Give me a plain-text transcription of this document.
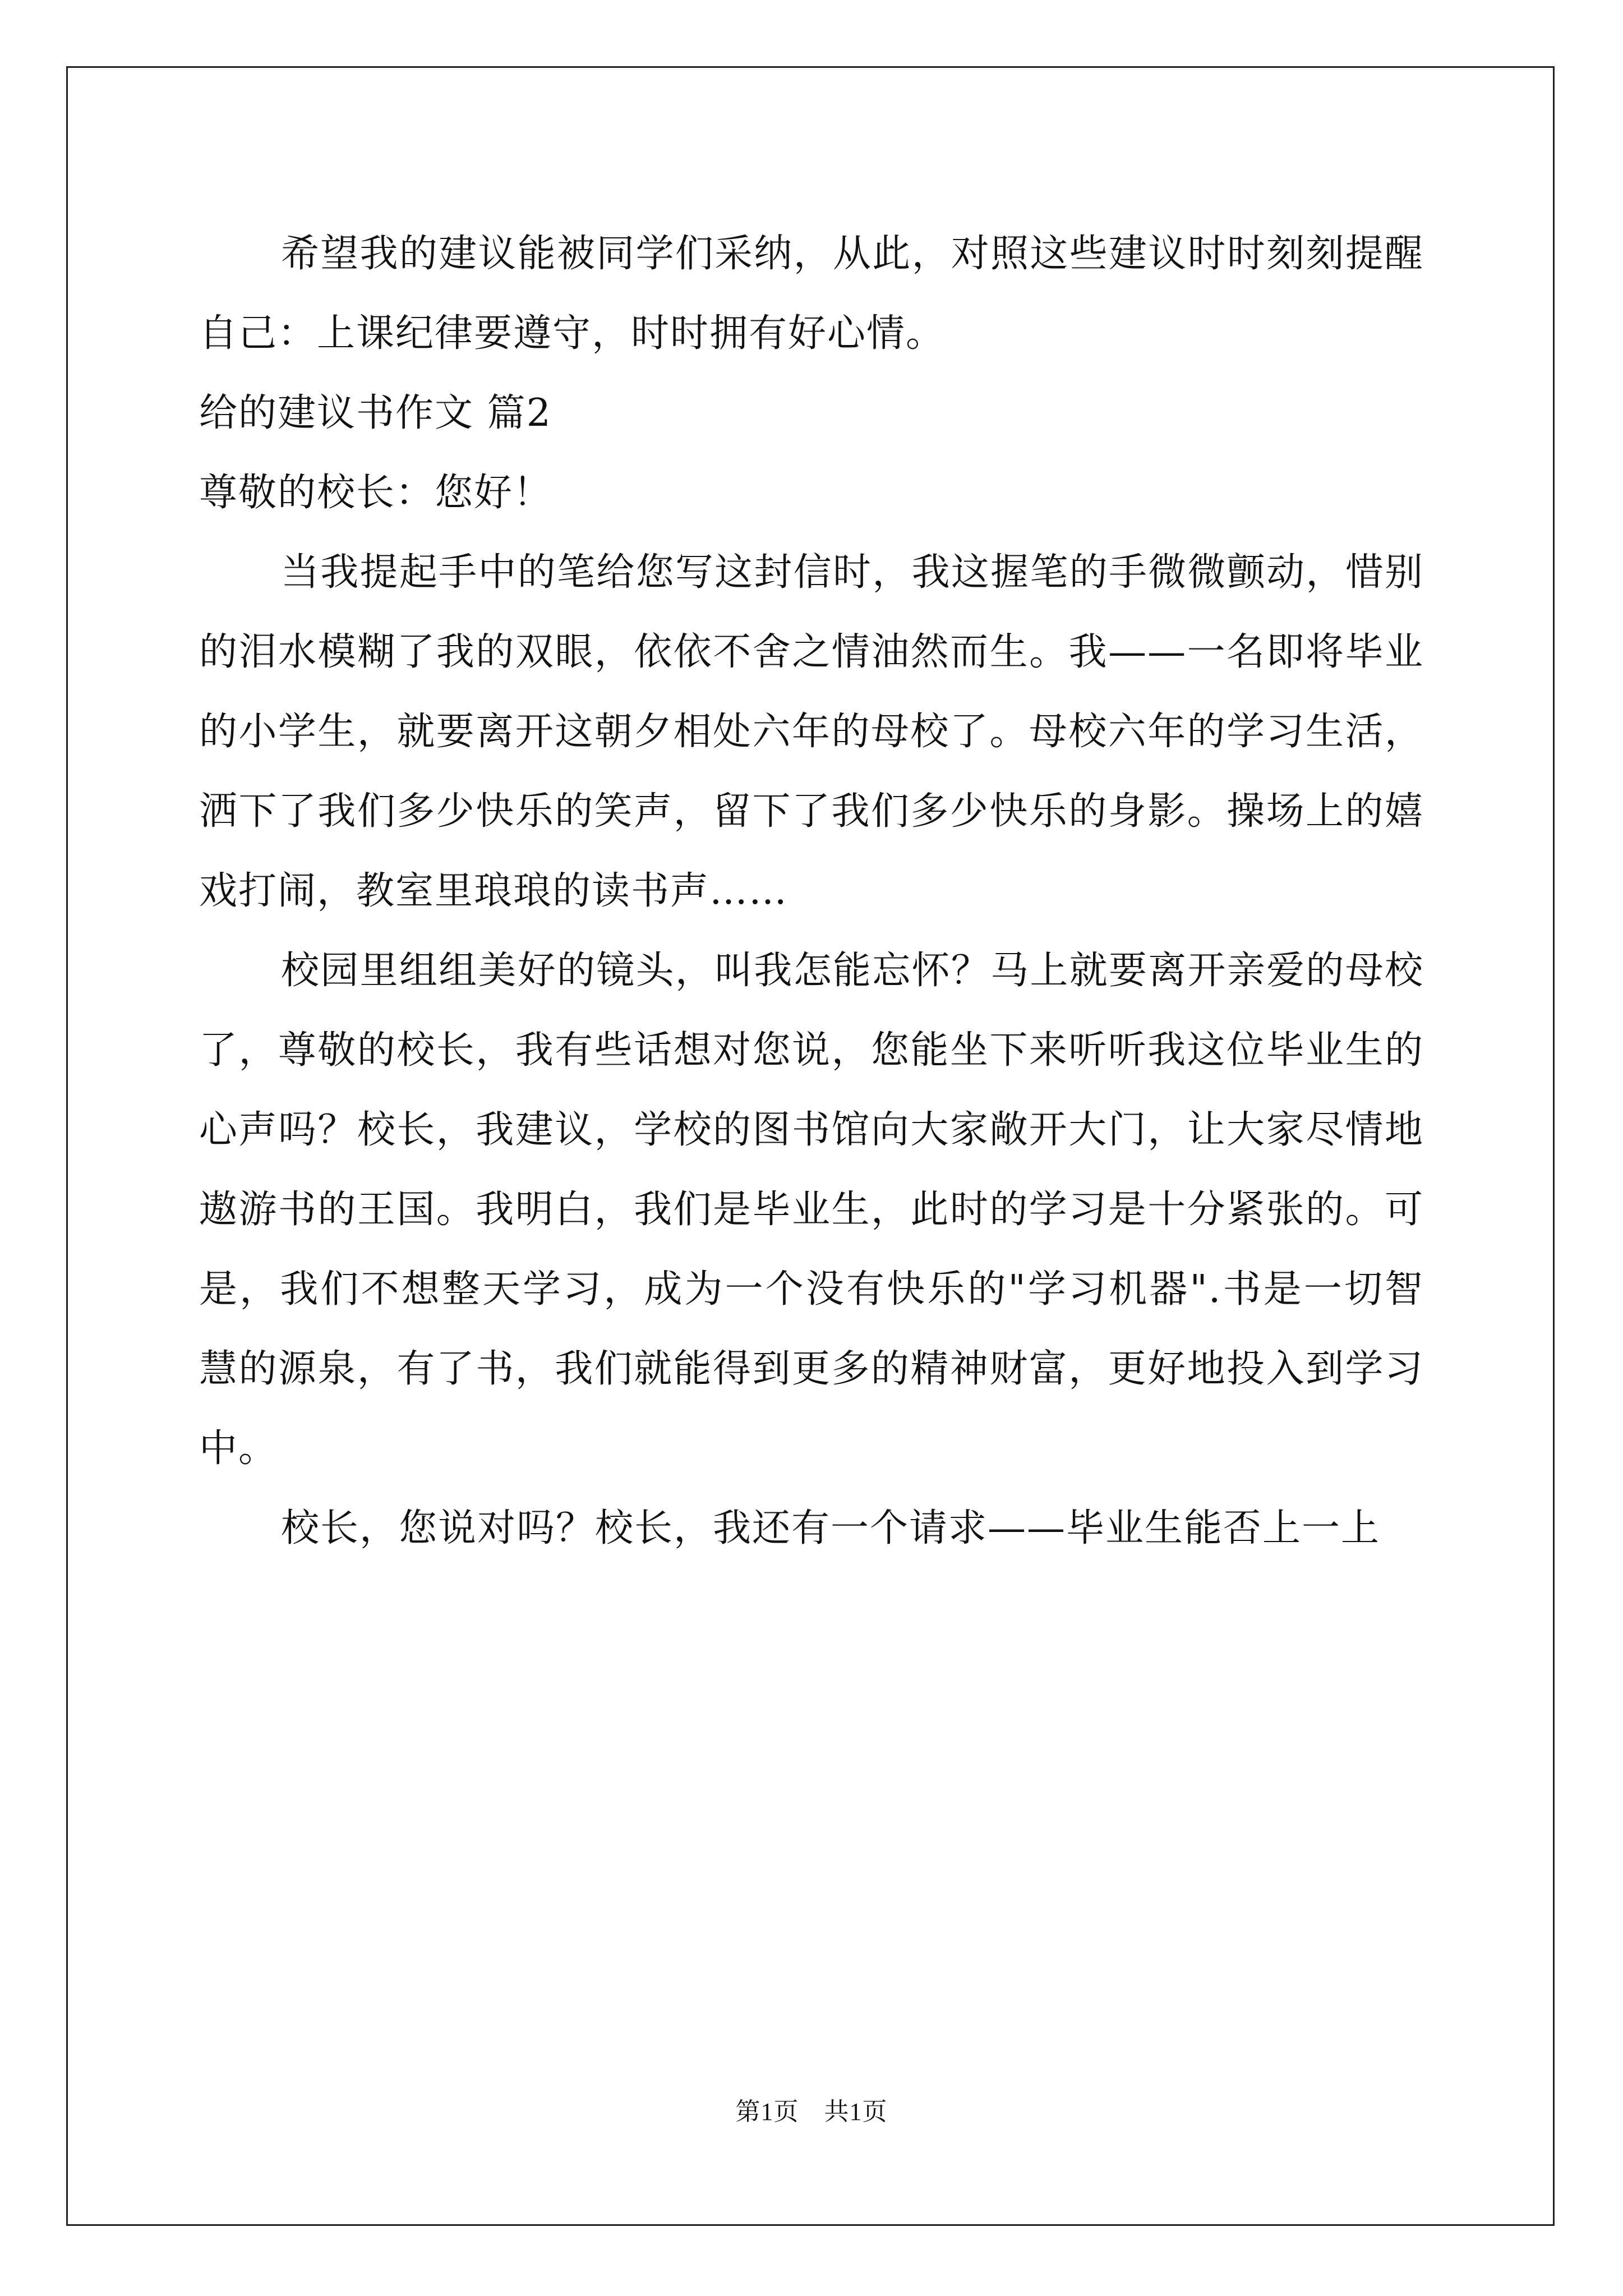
希望我的建议能被同学们采纳，从此，对照这些建议时时刻刻提醒自己：上课纪律要遵守，时时拥有好心情。

给的建议书作文 篇2

尊敬的校长：您好！

当我提起手中的笔给您写这封信时，我这握笔的手微微颤动，惜别的泪水模糊了我的双眼，依依不舍之情油然而生。我——一名即将毕业的小学生，就要离开这朝夕相处六年的母校了。母校六年的学习生活，洒下了我们多少快乐的笑声，留下了我们多少快乐的身影。操场上的嬉戏打闹，教室里琅琅的读书声……

校园里组组美好的镜头，叫我怎能忘怀？马上就要离开亲爱的母校了，尊敬的校长，我有些话想对您说，您能坐下来听听我这位毕业生的心声吗？校长，我建议，学校的图书馆向大家敞开大门，让大家尽情地遨游书的王国。我明白，我们是毕业生，此时的学习是十分紧张的。可是，我们不想整天学习，成为一个没有快乐的"学习机器".书是一切智慧的源泉，有了书，我们就能得到更多的精神财富，更好地投入到学习中。

校长，您说对吗？校长，我还有一个请求——毕业生能否上一上

第1页　共1页
